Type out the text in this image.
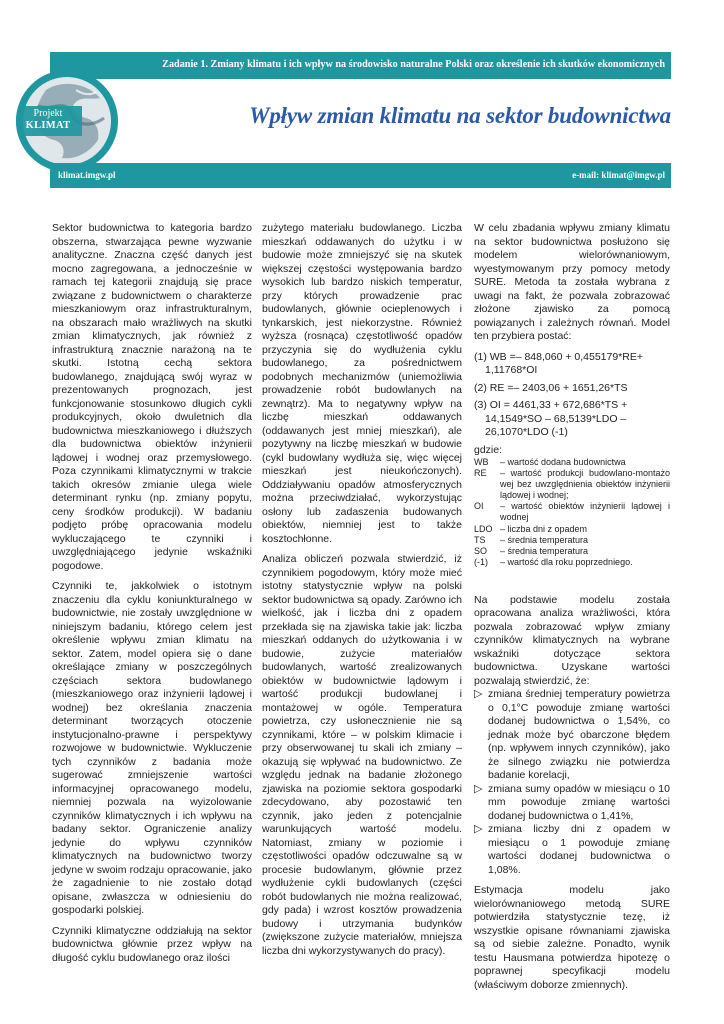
Zadanie 1. Zmiany klimatu i ich wpływ na środowisko naturalne Polski oraz określenie ich skutków ekonomicznych
Projekt
KLIMAT	Wpływ zmian klimatu na sektor budownictwa
klimat.imgw.pl	e-mail: klimat@imgw.pl

Sektor budownictwa to kategoria bardzo obszerna, stwarzająca pewne wyzwanie analityczne. Znaczna część danych jest mocno zagregowana, a jednocześnie w ramach tej kategorii znajdują się prace związane z budownictwem o charakterze mieszkaniowym oraz infrastrukturalnym, na obszarach mało wrażliwych na skutki zmian klimatycznych, jak również z infrastrukturą znacznie narażoną na te skutki. Istotną cechą sektora budowlanego, znajdującą swój wyraz w prezentowanych prognozach, jest funkcjonowanie stosunkowo długich cykli produkcyjnych, około dwuletnich dla budownictwa mieszkaniowego i dłuższych dla budownictwa obiektów inżynierii lądowej i wodnej oraz przemysłowego. Poza czynnikami klimatycznymi w trakcie takich okresów zmianie ulega wiele determinant rynku (np. zmiany popytu, ceny środków produkcji). W badaniu podjęto próbę opracowania modelu wykluczającego te czynniki i uwzględniającego jedynie wskaźniki pogodowe.

Czynniki te, jakkolwiek o istotnym znaczeniu dla cyklu koniunkturalnego w budownictwie, nie zostały uwzględnione w niniejszym badaniu, którego celem jest określenie wpływu zmian klimatu na sektor. Zatem, model opiera się o dane określające zmiany w poszczególnych częściach sektora budowlanego (mieszkaniowego oraz inżynierii lądowej i wodnej) bez określania znaczenia determinant tworzących otoczenie instytucjonalno-prawne i perspektywy rozwojowe w budownictwie. Wykluczenie tych czynników z badania może sugerować zmniejszenie wartości informacyjnej opracowanego modelu, niemniej pozwala na wyizolowanie czynników klimatycznych i ich wpływu na badany sektor. Ograniczenie analizy jedynie do wpływu czynników klimatycznych na budownictwo tworzy jedyne w swoim rodzaju opracowanie, jako że zagadnienie to nie zostało dotąd opisane, zwłaszcza w odniesieniu do gospodarki polskiej.

Czynniki klimatyczne oddziałują na sektor budownictwa głównie przez wpływ na długość cyklu budowlanego oraz ilości

zużytego materiału budowlanego. Liczba mieszkań oddawanych do użytku i w budowie może zmniejszyć się na skutek większej częstości występowania bardzo wysokich lub bardzo niskich temperatur, przy których prowadzenie prac budowlanych, głównie ocieplenowych i tynkarskich, jest niekorzystne. Również wyższa (rosnąca) częstotliwość opadów przyczynia się do wydłużenia cyklu budowlanego, za pośrednictwem podobnych mechanizmów (uniemożliwia prowadzenie robót budowlanych na zewnątrz). Ma to negatywny wpływ na liczbę mieszkań oddawanych (oddawanych jest mniej mieszkań), ale pozytywny na liczbę mieszkań w budowie (cykl budowlany wydłuża się, więc więcej mieszkań jest nieukończonych). Oddziaływaniu opadów atmosferycznych można przeciwdziałać, wykorzystując osłony lub zadaszenia budowanych obiektów, niemniej jest to także kosztochłonne.

Analiza obliczeń pozwala stwierdzić, iż czynnikiem pogodowym, który może mieć istotny statystycznie wpływ na polski sektor budownictwa są opady. Zarówno ich wielkość, jak i liczba dni z opadem przekłada się na zjawiska takie jak: liczba mieszkań oddanych do użytkowania i w budowie, zużycie materiałów budowlanych, wartość zrealizowanych obiektów w budownictwie lądowym i wartość produkcji budowlanej i montażowej w ogóle. Temperatura powietrza, czy usłonecznienie nie są czynnikami, które – w polskim klimacie i przy obserwowanej tu skali ich zmiany – okazują się wpływać na budownictwo. Ze względu jednak na badanie złożonego zjawiska na poziomie sektora gospodarki zdecydowano, aby pozostawić ten czynnik, jako jeden z potencjalnie warunkujących wartość modelu. Natomiast, zmiany w poziomie i częstotliwości opadów odczuwalne są w procesie budowlanym, głównie przez wydłużenie cykli budowlanych (części robót budowlanych nie można realizować, gdy pada) i wzrost kosztów prowadzenia budowy i utrzymania budynków (zwiększone zużycie materiałów, mniejsza liczba dni wykorzystywanych do pracy).

W celu zbadania wpływu zmiany klimatu na sektor budownictwa posłużono się modelem wielorównaniowym, wyestymowanym przy pomocy metody SURE. Metoda ta została wybrana z uwagi na fakt, że pozwala zobrazować złożone zjawisko za pomocą powiązanych i zależnych równań. Model ten przybiera postać:

(1) WB =– 848,060 + 0,455179*RE+ 1,11768*OI

(2) RE =– 2403,06 + 1651,26*TS

(3) OI = 4461,33 + 672,686*TS + 14,1549*SO – 68,5139*LDO – 26,1070*LDO (-1)

gdzie:

WB	– wartość dodana budownictwa
RE	– wartość produkcji budowlano-montażo wej bez uwzględnienia obiektów inżynierii lądowej i wodnej;
OI	– wartość obiektów inżynierii lądowej i wodnej
LDO – liczba dni z opadem
TS	– średnia temperatura
SO	– średnia temperatura
(-1)	– wartość dla roku poprzedniego.

Na podstawie modelu została opracowana analiza wrażliwości, która pozwala zobrazować wpływ zmiany czynników klimatycznych na wybrane wskaźniki dotyczące sektora budownictwa. Uzyskane wartości pozwalają stwierdzić, że:

▷ zmiana średniej temperatury powietrza o 0,1°C powoduje zmianę wartości dodanej budownictwa o 1,54%, co jednak może być obarczone błędem (np. wpływem innych czynników), jako że silnego związku nie potwierdza badanie korelacji,
▷ zmiana sumy opadów w miesiącu o 10 mm powoduje zmianę wartości dodanej budownictwa o 1,41%,
▷ zmiana liczby dni z opadem w miesiącu o 1 powoduje zmianę wartości dodanej budownictwa o 1,08%.

Estymacja modelu jako wielorównaniowego metodą SURE potwierdziła statystycznie tezę, iż wszystkie opisane równaniami zjawiska są od siebie zależne. Ponadto, wynik testu Hausmana potwierdza hipotezę o poprawnej specyfikacji modelu (właściwym doborze zmiennych).
